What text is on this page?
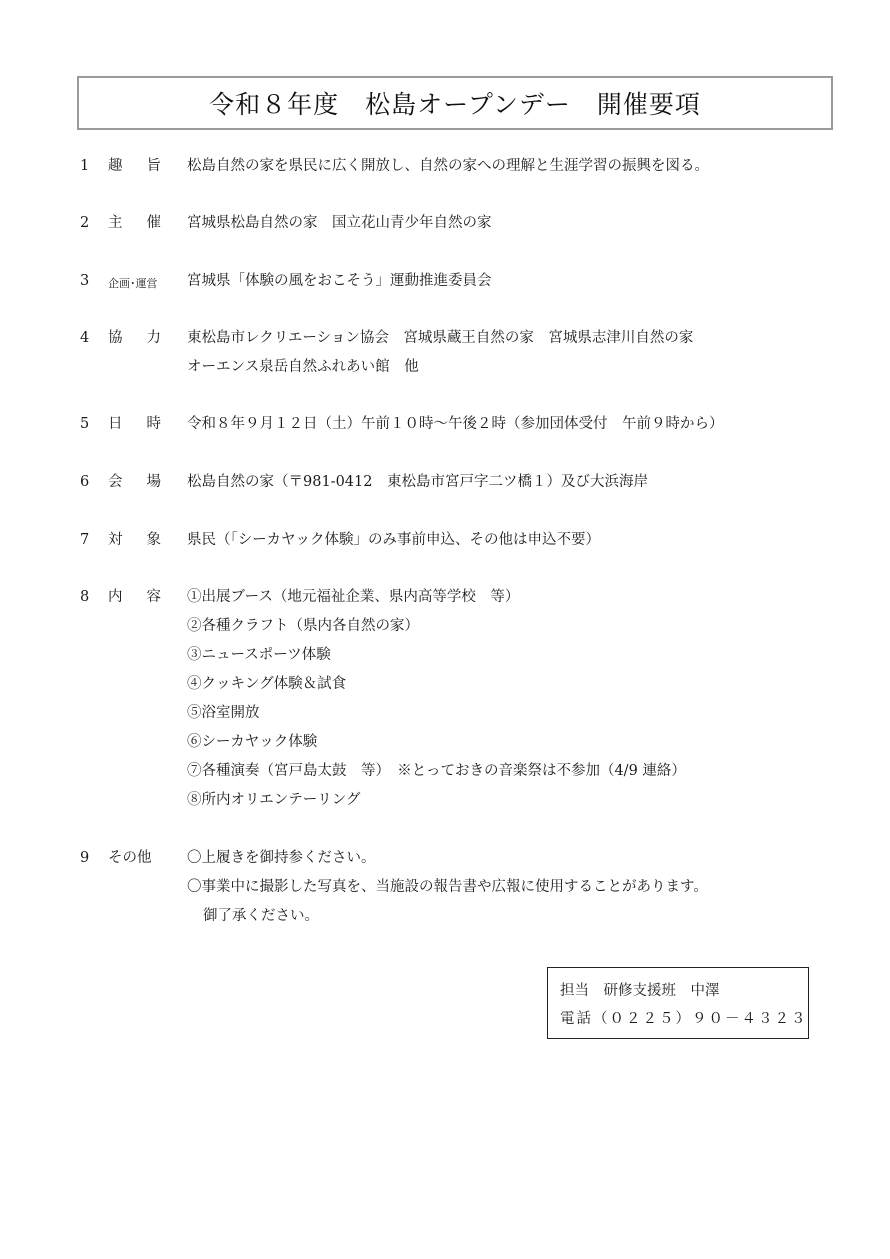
令和８年度　松島オープンデー　開催要項
1	趣旨 松島自然の家を県民に広く開放し、自然の家への理解と生涯学習の振興を図る。
2	主催 宮城県松島自然の家　国立花山青少年自然の家
3	企画･運営 宮城県「体験の風をおこそう」運動推進委員会
4	協力 東松島市レクリエーション協会　宮城県蔵王自然の家　宮城県志津川自然の家
オーエンス泉岳自然ふれあい館　他
5	日時 令和８年９月１２日（土）午前１０時～午後２時（参加団体受付　午前９時から）
6	会場 松島自然の家（〒981-0412　東松島市宮戸字二ツ橋１）及び大浜海岸
7	対象 県民（「シーカヤック体験」のみ事前申込、その他は申込不要）
8	内容 ①出展ブース（地元福祉企業、県内高等学校　等）
②各種クラフト（県内各自然の家）
③ニュースポーツ体験
④クッキング体験＆試食
⑤浴室開放
⑥シーカヤック体験
⑦各種演奏（宮戸島太鼓　等）　※とっておきの音楽祭は不参加（4/9 連絡）
⑧所内オリエンテーリング
9	その他 〇上履きを御持参ください。
〇事業中に撮影した写真を、当施設の報告書や広報に使用することがあります。
御了承ください。
担当　研修支援班　中澤
電話（０２２５）９０－４３２３
